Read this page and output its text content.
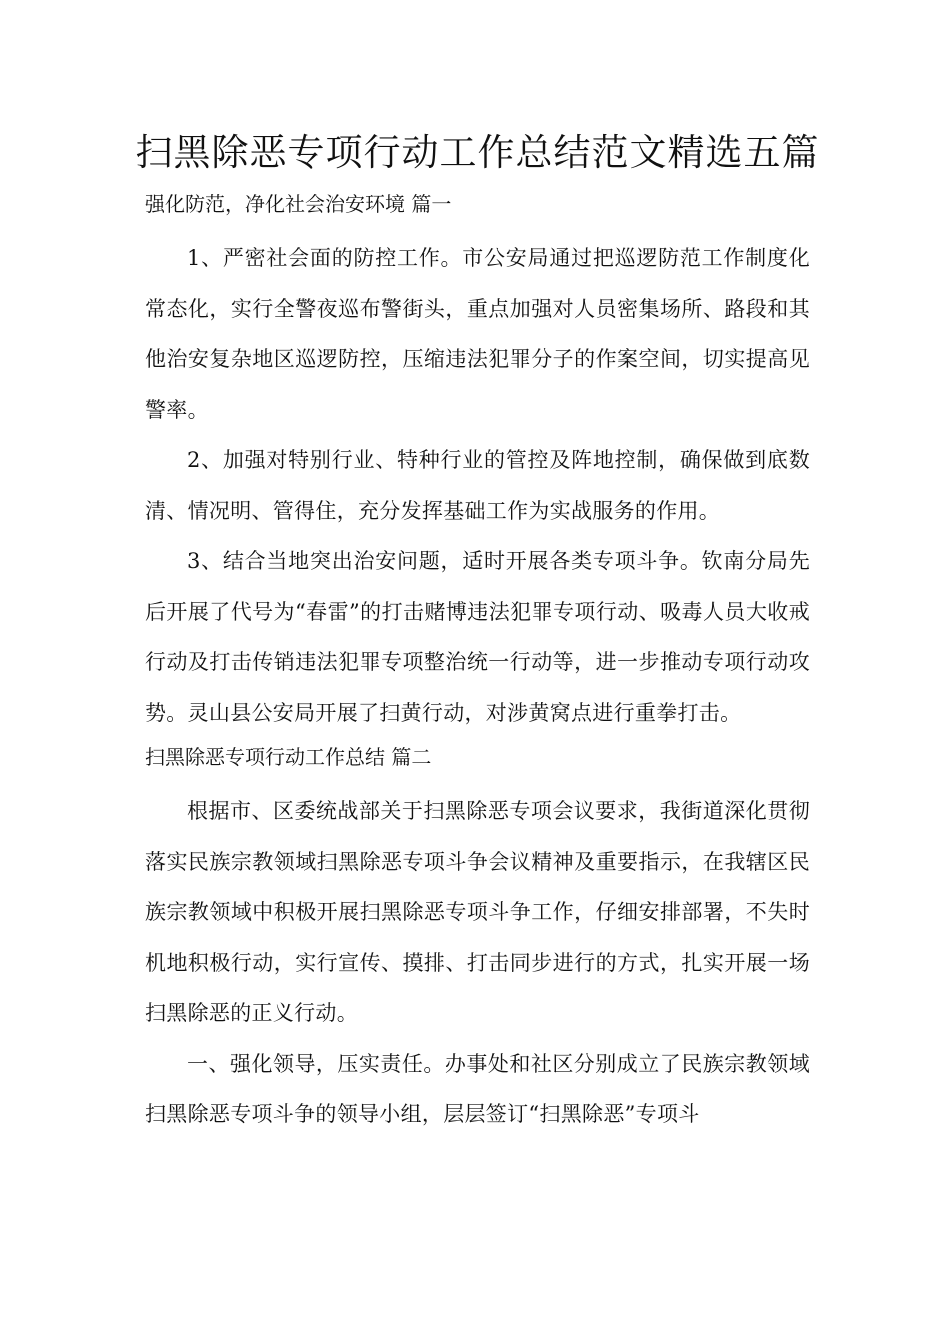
扫黑除恶专项行动工作总结范文精选五篇
强化防范，净化社会治安环境 篇一

1、严密社会面的防控工作。市公安局通过把巡逻防范工作制度化常态化，实行全警夜巡布警街头，重点加强对人员密集场所、路段和其他治安复杂地区巡逻防控，压缩违法犯罪分子的作案空间，切实提高见警率。

2、加强对特别行业、特种行业的管控及阵地控制，确保做到底数清、情况明、管得住，充分发挥基础工作为实战服务的作用。

3、结合当地突出治安问题，适时开展各类专项斗争。钦南分局先后开展了代号为“春雷”的打击赌博违法犯罪专项行动、吸毒人员大收戒行动及打击传销违法犯罪专项整治统一行动等，进一步推动专项行动攻势。灵山县公安局开展了扫黄行动，对涉黄窝点进行重拳打击。

扫黑除恶专项行动工作总结 篇二

根据市、区委统战部关于扫黑除恶专项会议要求，我街道深化贯彻落实民族宗教领域扫黑除恶专项斗争会议精神及重要指示，在我辖区民族宗教领域中积极开展扫黑除恶专项斗争工作，仔细安排部署，不失时机地积极行动，实行宣传、摸排、打击同步进行的方式，扎实开展一场扫黑除恶的正义行动。

一、强化领导，压实责任。办事处和社区分别成立了民族宗教领域扫黑除恶专项斗争的领导小组，层层签订“扫黑除恶”专项斗
